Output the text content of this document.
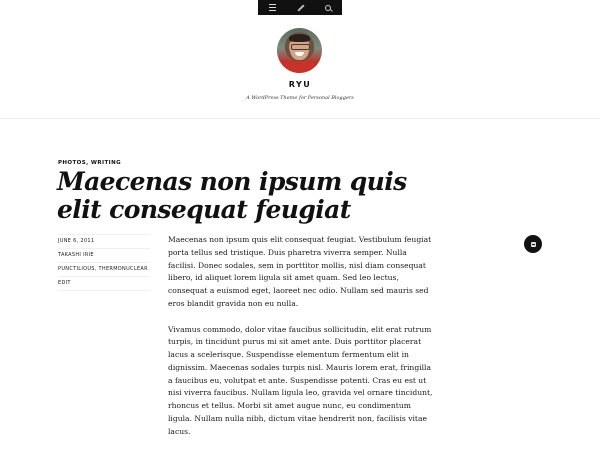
RYU
A WordPress Theme for Personal Bloggers
PHOTOS, WRITING
Maecenas non ipsum quis elit consequat feugiat
JUNE 6, 2011
TAKASHI IRIE
PUNCTILIOUS, THERMONUCLEAR
EDIT

Maecenas non ipsum quis elit consequat feugiat. Vestibulum feugiat porta tellus sed tristique. Duis pharetra viverra semper. Nulla facilisi. Donec sodales, sem in porttitor mollis, nisl diam consequat libero, id aliquet lorem ligula sit amet quam. Sed leo lectus, consequat a euismod eget, laoreet nec odio. Nullam sed mauris sed eros blandit gravida non eu nulla.

Vivamus commodo, dolor vitae faucibus sollicitudin, elit erat rutrum turpis, in tincidunt purus mi sit amet ante. Duis porttitor placerat lacus a scelerisque. Suspendisse elementum fermentum elit in dignissim. Maecenas sodales turpis nisl. Mauris lorem erat, fringilla a faucibus eu, volutpat et ante. Suspendisse potenti. Cras eu est ut nisi viverra faucibus. Nullam ligula leo, gravida vel ornare tincidunt, rhoncus et tellus. Morbi sit amet augue nunc, eu condimentum ligula. Nullam nulla nibh, dictum vitae hendrerit non, facilisis vitae lacus.
